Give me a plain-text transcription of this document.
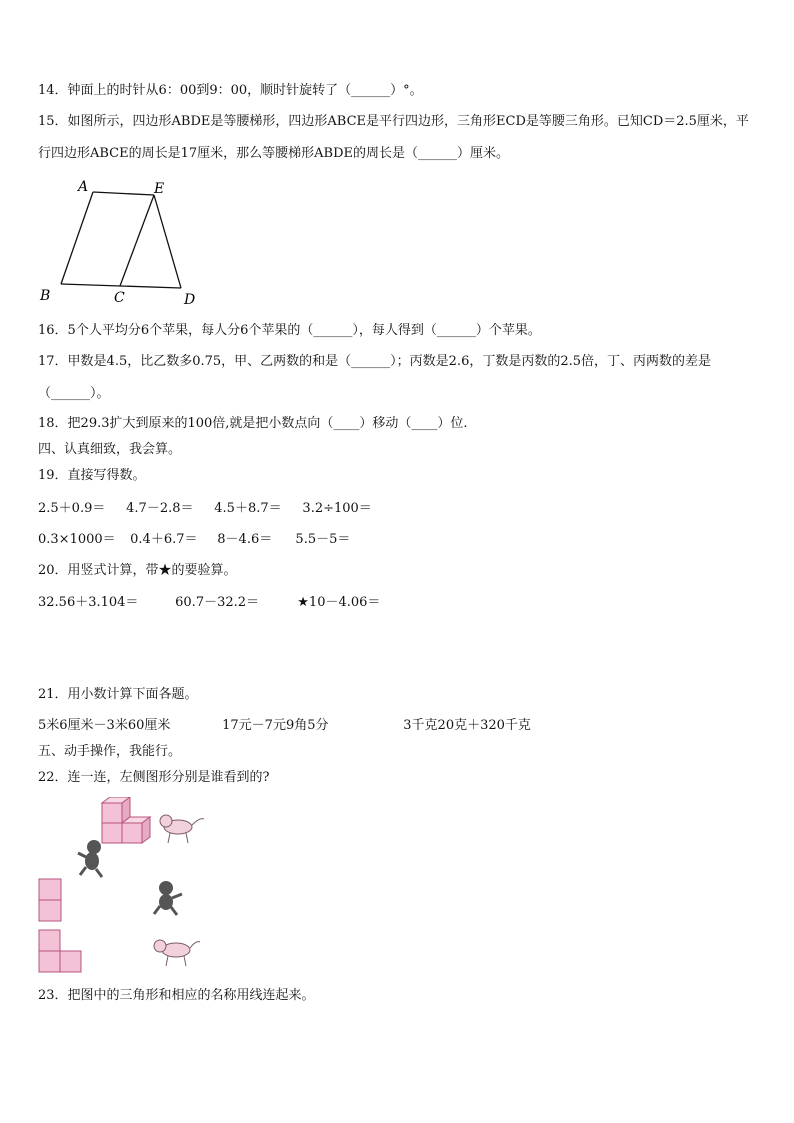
14．钟面上的时针从6：00到9：00，顺时针旋转了（______）°。
15．如图所示，四边形ABDE是等腰梯形，四边形ABCE是平行四边形，三角形ECD是等腰三角形。已知CD＝2.5厘米，平行四边形ABCE的周长是17厘米，那么等腰梯形ABDE的周长是（______）厘米。
A	E
B	C	D
16．5个人平均分6个苹果，每人分6个苹果的（______），每人得到（______）个苹果。
17．甲数是4.5，比乙数多0.75，甲、乙两数的和是（______）；丙数是2.6，丁数是丙数的2.5倍，丁、丙两数的差是（______）。
18．把29.3扩大到原来的100倍,就是把小数点向（____）移动（____）位.
四、认真细致，我会算。
19．直接写得数。
2.5＋0.9＝ 4.7－2.8＝ 4.5＋8.7＝ 3.2÷100＝
0.3×1000＝ 0.4＋6.7＝ 8－4.6＝ 5.5－5＝
20．用竖式计算，带★的要验算。
32.56＋3.104＝	60.7－32.2＝	★10－4.06＝
21．用小数计算下面各题。
5米6厘米－3米60厘米	17元－7元9角5分	3千克20克＋320千克
五、动手操作，我能行。
22．连一连，左侧图形分别是谁看到的?
23．把图中的三角形和相应的名称用线连起来。
